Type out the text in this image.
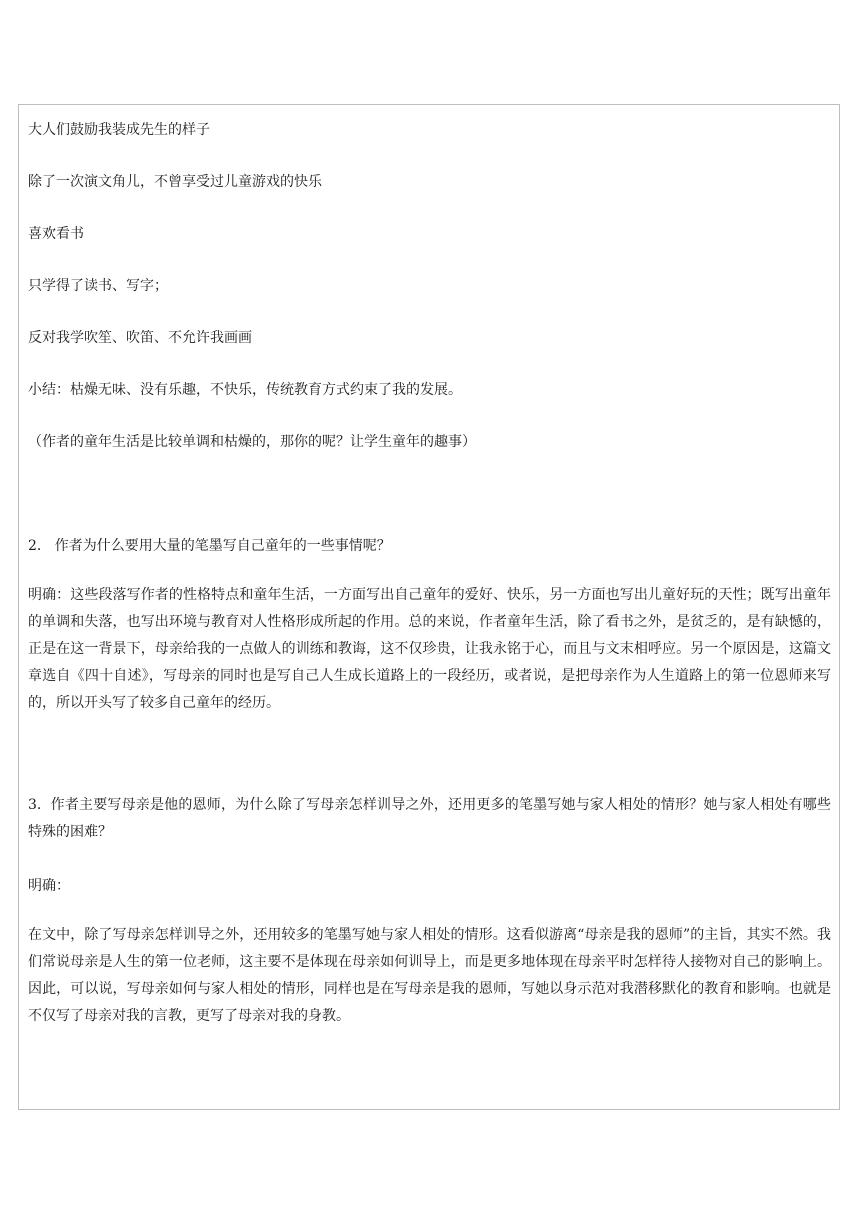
大人们鼓励我装成先生的样子
除了一次演文角儿，不曾享受过儿童游戏的快乐
喜欢看书
只学得了读书、写字；
反对我学吹笙、吹笛、不允许我画画
小结：枯燥无味、没有乐趣，不快乐，传统教育方式约束了我的发展。
（作者的童年生活是比较单调和枯燥的，那你的呢？让学生童年的趣事）
2.   作者为什么要用大量的笔墨写自己童年的一些事情呢？
明确：这些段落写作者的性格特点和童年生活，一方面写出自己童年的爱好、快乐，另一方面也写出儿童好玩的天性；既写出童年的单调和失落，也写出环境与教育对人性格形成所起的作用。总的来说，作者童年生活，除了看书之外，是贫乏的，是有缺憾的，正是在这一背景下，母亲给我的一点做人的训练和教诲，这不仅珍贵，让我永铭于心，而且与文末相呼应。另一个原因是，这篇文章选自《四十自述》，写母亲的同时也是写自己人生成长道路上的一段经历，或者说，是把母亲作为人生道路上的第一位恩师来写的，所以开头写了较多自己童年的经历。
3.  作者主要写母亲是他的恩师，为什么除了写母亲怎样训导之外，还用更多的笔墨写她与家人相处的情形？她与家人相处有哪些特殊的困难？
明确：
在文中，除了写母亲怎样训导之外，还用较多的笔墨写她与家人相处的情形。这看似游离“母亲是我的恩师”的主旨，其实不然。我们常说母亲是人生的第一位老师，这主要不是体现在母亲如何训导上，而是更多地体现在母亲平时怎样待人接物对自己的影响上。因此，可以说，写母亲如何与家人相处的情形，同样也是在写母亲是我的恩师，写她以身示范对我潜移默化的教育和影响。也就是不仅写了母亲对我的言教，更写了母亲对我的身教。
